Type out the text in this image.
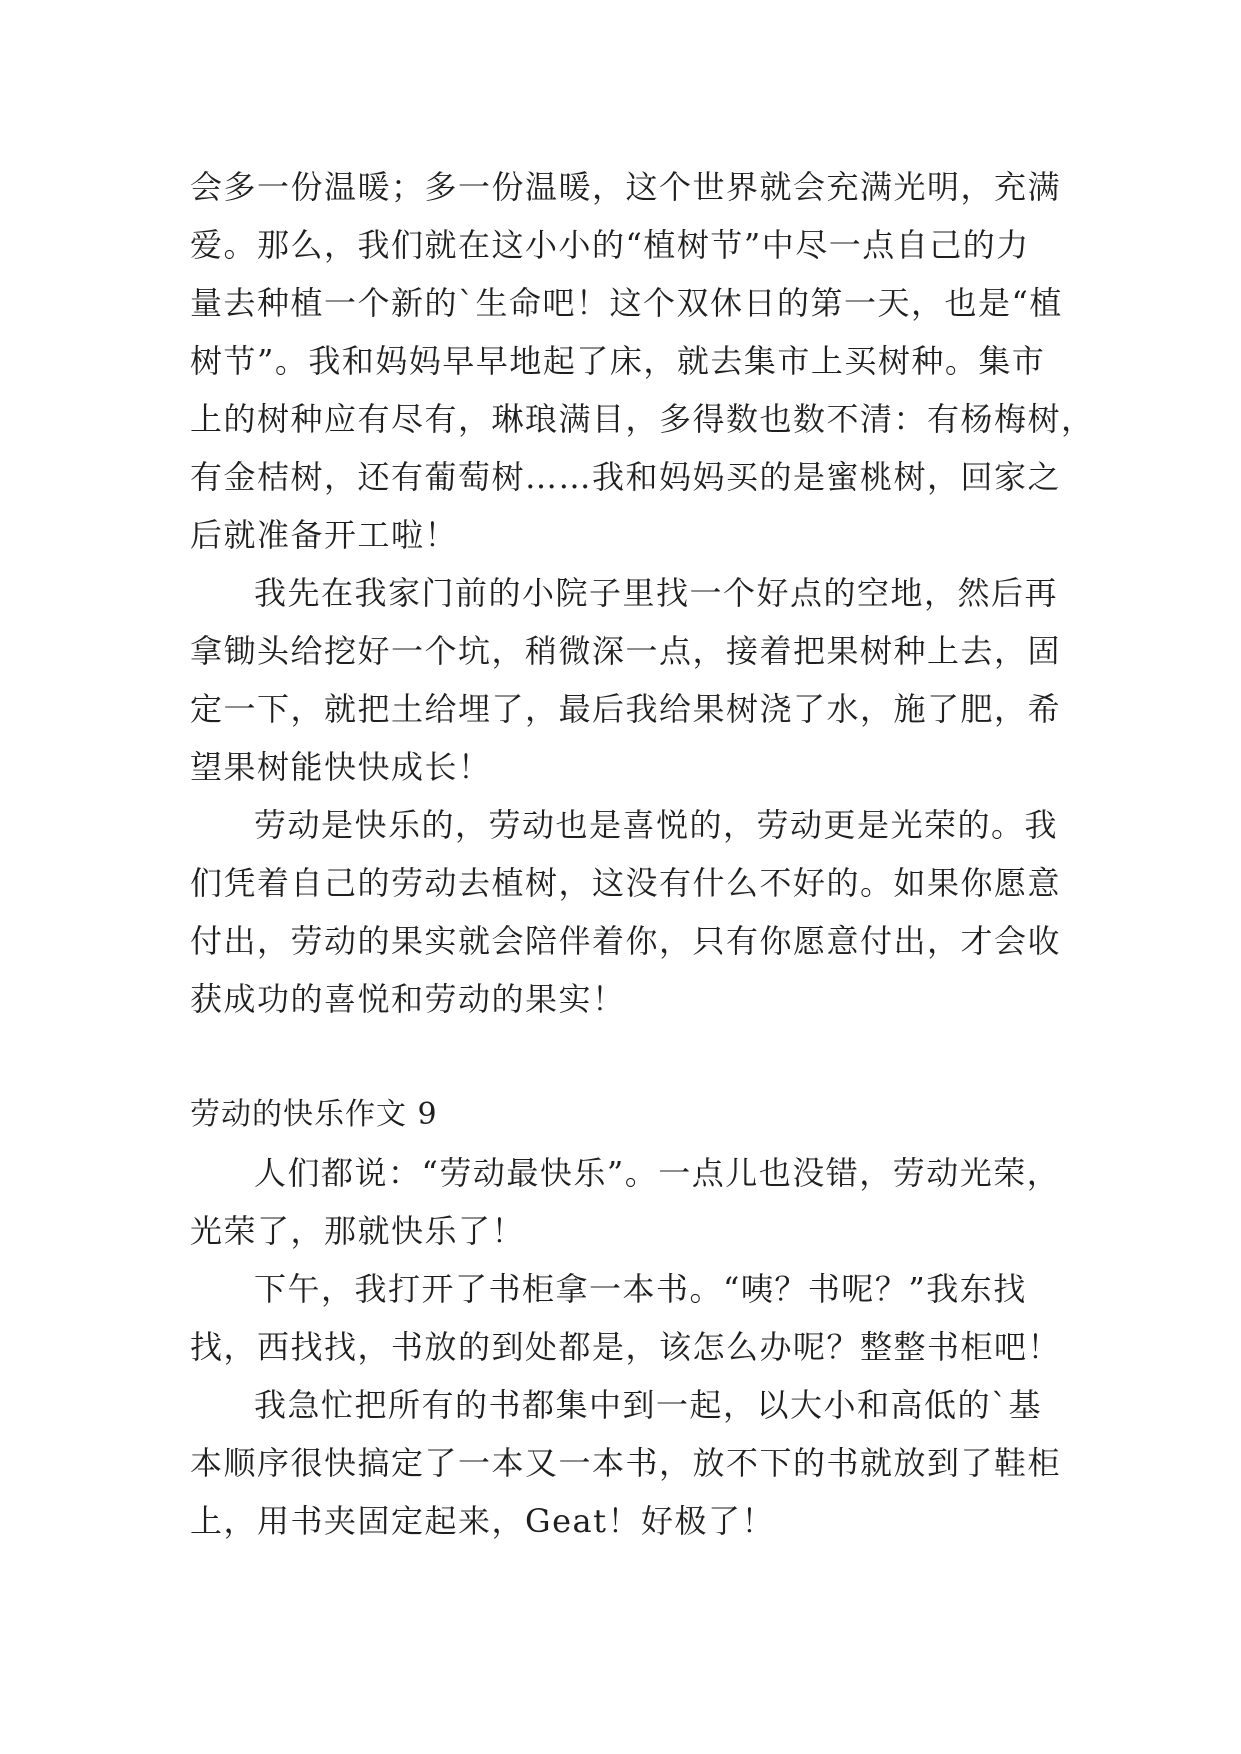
会多一份温暖；多一份温暖，这个世界就会充满光明，充满
爱。那么，我们就在这小小的“植树节”中尽一点自己的力
量去种植一个新的`生命吧！这个双休日的第一天，也是“植
树节”。我和妈妈早早地起了床，就去集市上买树种。集市
上的树种应有尽有，琳琅满目，多得数也数不清：有杨梅树，
有金桔树，还有葡萄树……我和妈妈买的是蜜桃树，回家之
后就准备开工啦！
我先在我家门前的小院子里找一个好点的空地，然后再
拿锄头给挖好一个坑，稍微深一点，接着把果树种上去，固
定一下，就把土给埋了，最后我给果树浇了水，施了肥，希
望果树能快快成长！
劳动是快乐的，劳动也是喜悦的，劳动更是光荣的。我
们凭着自己的劳动去植树，这没有什么不好的。如果你愿意
付出，劳动的果实就会陪伴着你，只有你愿意付出，才会收
获成功的喜悦和劳动的果实！
劳动的快乐作文 9
人们都说：“劳动最快乐”。一点儿也没错，劳动光荣，
光荣了，那就快乐了！
下午，我打开了书柜拿一本书。“咦？书呢？”我东找
找，西找找，书放的到处都是，该怎么办呢？整整书柜吧！
我急忙把所有的书都集中到一起，以大小和高低的`基
本顺序很快搞定了一本又一本书，放不下的书就放到了鞋柜
上，用书夹固定起来，Geat！好极了！
